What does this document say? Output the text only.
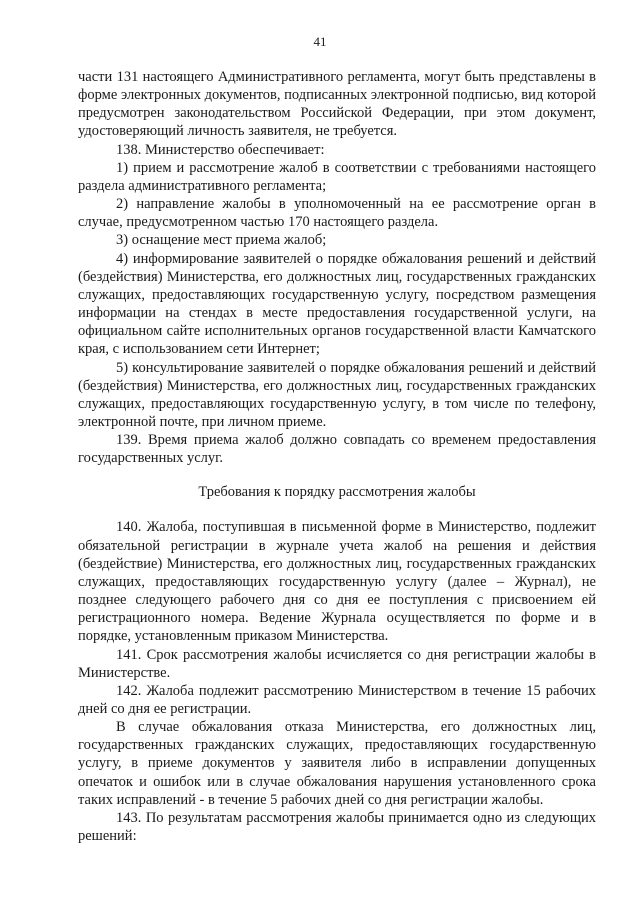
41

части 131 настоящего Административного регламента, могут быть представлены в форме электронных документов, подписанных электронной подписью, вид которой предусмотрен законодательством Российской Федерации, при этом документ, удостоверяющий личность заявителя, не требуется.

138. Министерство обеспечивает:

1) прием и рассмотрение жалоб в соответствии с требованиями настоящего раздела административного регламента;

2) направление жалобы в уполномоченный на ее рассмотрение орган в случае, предусмотренном частью 170 настоящего раздела.

3) оснащение мест приема жалоб;

4) информирование заявителей о порядке обжалования решений и действий (бездействия) Министерства, его должностных лиц, государственных гражданских служащих, предоставляющих государственную услугу, посредством размещения информации на стендах в месте предоставления государственной услуги, на официальном сайте исполнительных органов государственной власти Камчатского края, с использованием сети Интернет;

5) консультирование заявителей о порядке обжалования решений и действий (бездействия) Министерства, его должностных лиц, государственных гражданских служащих, предоставляющих государственную услугу, в том числе по телефону, электронной почте, при личном приеме.

139. Время приема жалоб должно совпадать со временем предоставления государственных услуг.

Требования к порядку рассмотрения жалобы

140. Жалоба, поступившая в письменной форме в Министерство, подлежит обязательной регистрации в журнале учета жалоб на решения и действия (бездействие) Министерства, его должностных лиц, государственных гражданских служащих, предоставляющих государственную услугу (далее – Журнал), не позднее следующего рабочего дня со дня ее поступления с присвоением ей регистрационного номера. Ведение Журнала осуществляется по форме и в порядке, установленным приказом Министерства.

141. Срок рассмотрения жалобы исчисляется со дня регистрации жалобы в Министерстве.

142. Жалоба подлежит рассмотрению Министерством в течение 15 рабочих дней со дня ее регистрации.

В случае обжалования отказа Министерства, его должностных лиц, государственных гражданских служащих, предоставляющих государственную услугу, в приеме документов у заявителя либо в исправлении допущенных опечаток и ошибок или в случае обжалования нарушения установленного срока таких исправлений - в течение 5 рабочих дней со дня регистрации жалобы.

143. По результатам рассмотрения жалобы принимается одно из следующих решений:
